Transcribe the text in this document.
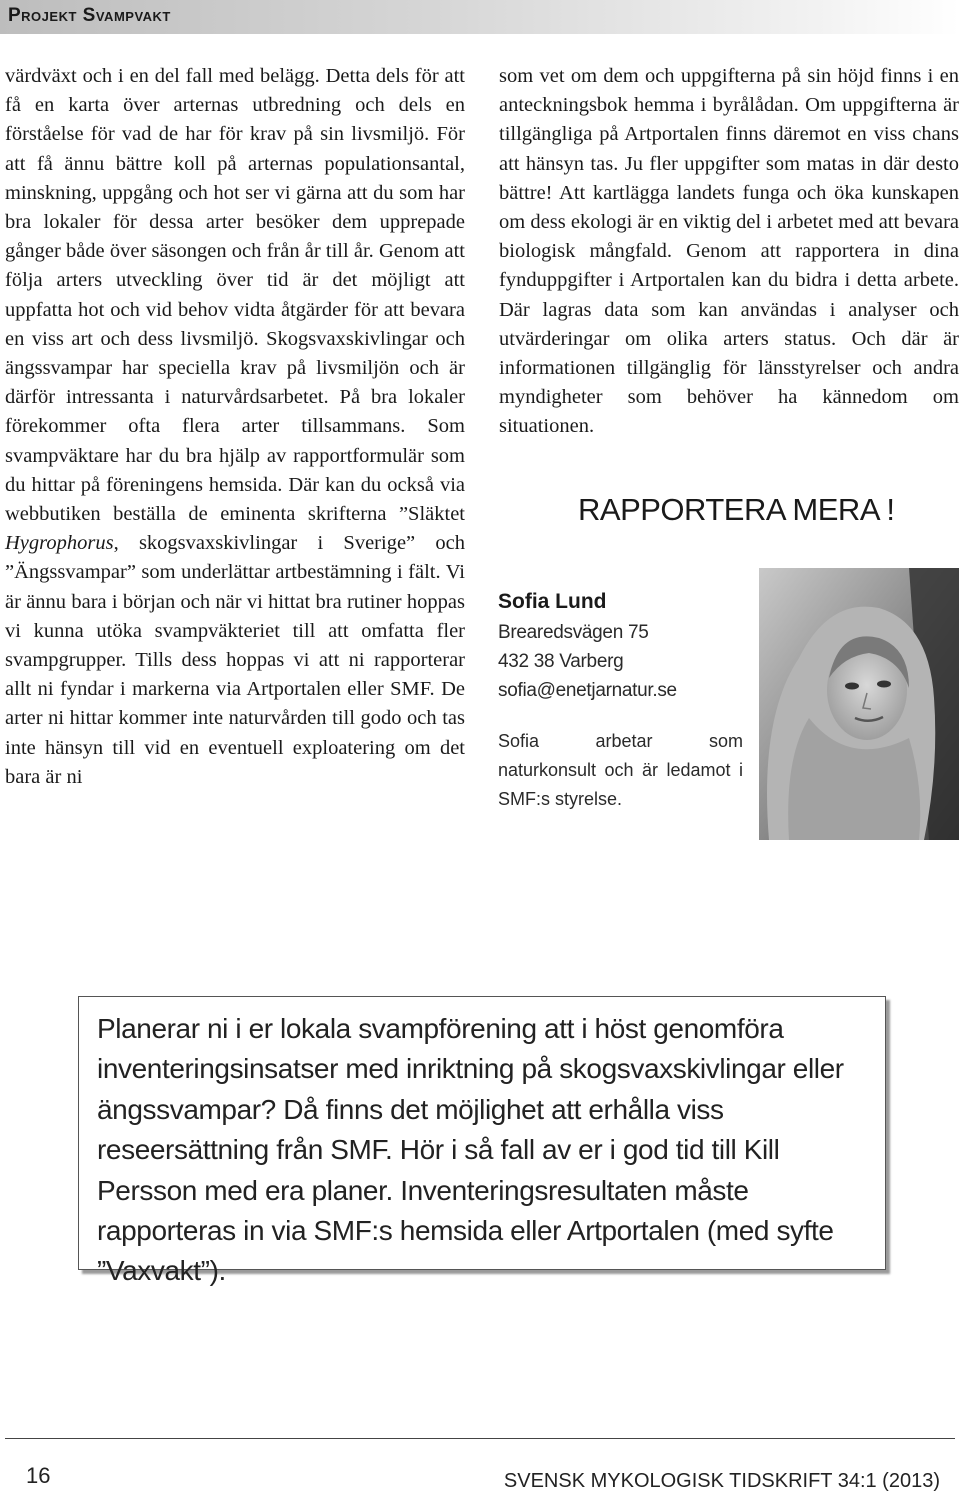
Projekt Svampvakt

värdväxt och i en del fall med belägg. Detta dels för att få en karta över arternas utbredning och dels en förståelse för vad de har för krav på sin livsmiljö. För att få ännu bättre koll på arternas populationsantal, minskning, uppgång och hot ser vi gärna att du som har bra lokaler för dessa arter besöker dem upprepade gånger både över säsongen och från år till år. Genom att följa arters utveckling över tid är det möjligt att uppfatta hot och vid behov vidta åtgärder för att bevara en viss art och dess livsmiljö. Skogsvaxskivlingar och ängssvampar har speciella krav på livsmiljön och är därför intressanta i naturvårdsarbetet. På bra lokaler förekommer ofta flera arter tillsammans. Som svampväktare har du bra hjälp av rapportformulär som du hittar på föreningens hemsida. Där kan du också via webbutiken beställa de eminenta skrifterna ”Släktet Hygrophorus, skogsvaxskivlingar i Sverige” och ”Ängssvampar” som underlättar artbestämning i fält. Vi är ännu bara i början och när vi hittat bra rutiner hoppas vi kunna utöka svampväkteriet till att omfatta fler svampgrupper. Tills dess hoppas vi att ni rapporterar allt ni fyndar i markerna via Artportalen eller SMF. De arter ni hittar kommer inte naturvården till godo och tas inte hänsyn till vid en eventuell exploatering om det bara är ni

som vet om dem och uppgifterna på sin höjd finns i en anteckningsbok hemma i byrålådan. Om uppgifterna är tillgängliga på Artportalen finns däremot en viss chans att hänsyn tas. Ju fler uppgifter som matas in där desto bättre! Att kartlägga landets funga och öka kunskapen om dess ekologi är en viktig del i arbetet med att bevara biologisk mångfald. Genom att rapportera in dina fynduppgifter i Artportalen kan du bidra i detta arbete. Där lagras data som kan användas i analyser och utvärderingar om olika arters status. Och där är informationen tillgänglig för länsstyrelser och andra myndigheter som behöver ha kännedom om situationen.

RAPPORTERA MERA !
Sofia Lund
Brearedsvägen 75
432 38 Varberg
sofia@enetjarnatur.se
Sofia arbetar som naturkonsult och är ledamot i SMF:s styrelse.
Planerar ni i er lokala svampförening att i höst genomföra inventeringsinsatser med inriktning på skogsvaxskivlingar eller ängssvampar? Då finns det möjlighet att erhålla viss reseersättning från SMF. Hör i så fall av er i god tid till Kill Persson med era planer. Inventeringsresultaten måste rapporteras in via SMF:s hemsida eller Artportalen (med syfte ”Vaxvakt”).
16	SVENSK MYKOLOGISK TIDSKRIFT 34:1 (2013)
